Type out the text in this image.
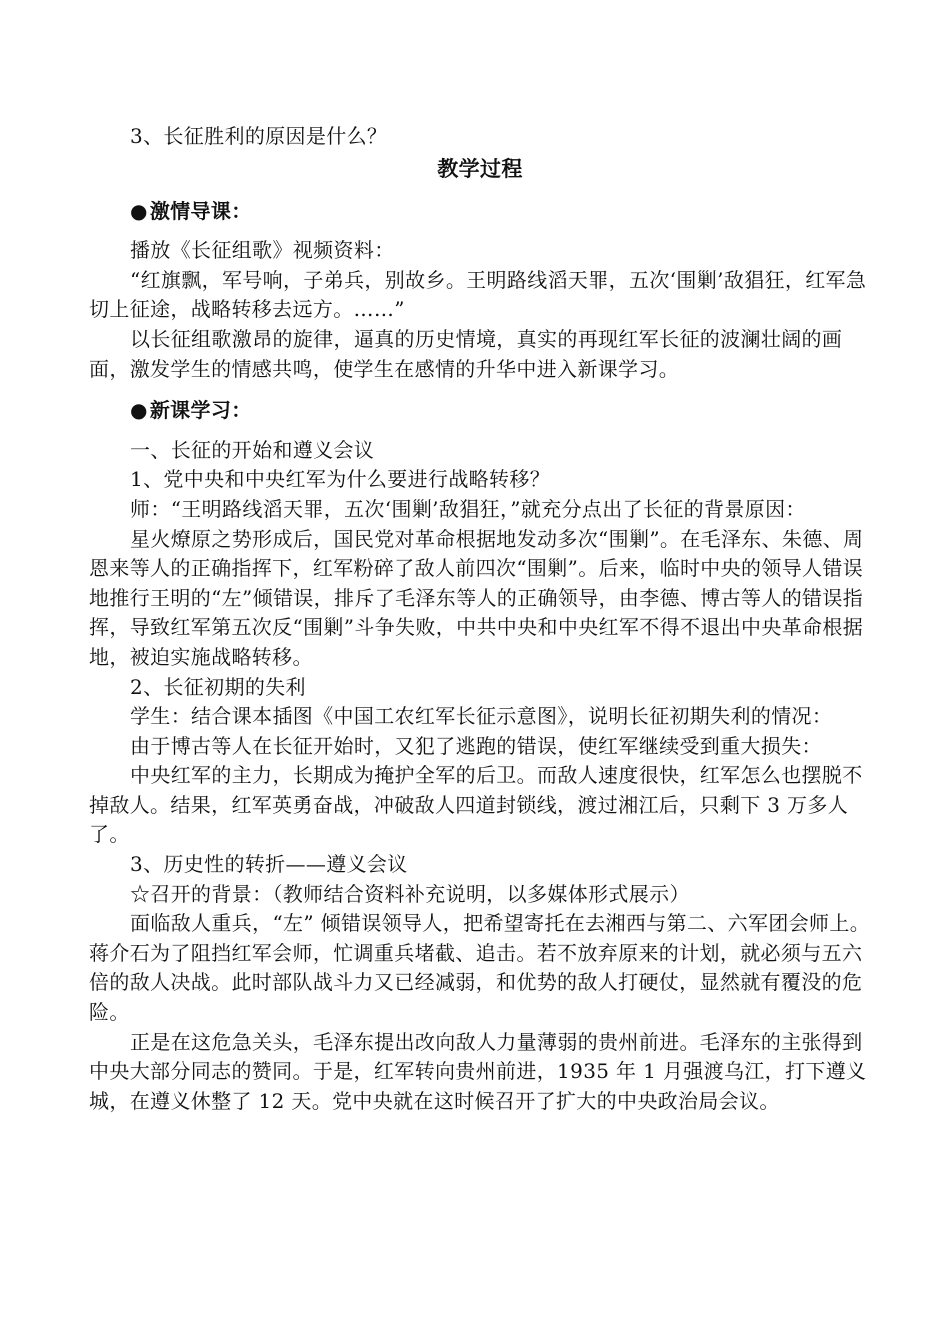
3、长征胜利的原因是什么？

教学过程

● 激情导课：

播放《长征组歌》视频资料：

“红旗飘，军号响，子弟兵，别故乡。王明路线滔天罪，五次‘围剿’敌猖狂，红军急切上征途，战略转移去远方。……”

以长征组歌激昂的旋律，逼真的历史情境，真实的再现红军长征的波澜壮阔的画面，激发学生的情感共鸣，使学生在感情的升华中进入新课学习。

● 新课学习：

一、长征的开始和遵义会议

1、党中央和中央红军为什么要进行战略转移？

师：“王明路线滔天罪，五次‘围剿’敌猖狂，”就充分点出了长征的背景原因：

星火燎原之势形成后，国民党对革命根据地发动多次“围剿”。在毛泽东、朱德、周恩来等人的正确指挥下，红军粉碎了敌人前四次“围剿”。后来，临时中央的领导人错误地推行王明的“左”倾错误，排斥了毛泽东等人的正确领导，由李德、博古等人的错误指挥，导致红军第五次反“围剿”斗争失败，中共中央和中央红军不得不退出中央革命根据地，被迫实施战略转移。

2、长征初期的失利

学生：结合课本插图《中国工农红军长征示意图》，说明长征初期失利的情况：

由于博古等人在长征开始时，又犯了逃跑的错误，使红军继续受到重大损失：

中央红军的主力，长期成为掩护全军的后卫。而敌人速度很快，红军怎么也摆脱不掉敌人。结果，红军英勇奋战，冲破敌人四道封锁线，渡过湘江后，只剩下 3 万多人了。

3、历史性的转折——遵义会议

☆召开的背景：（教师结合资料补充说明，以多媒体形式展示）

面临敌人重兵，“左” 倾错误领导人，把希望寄托在去湘西与第二、六军团会师上。蒋介石为了阻挡红军会师，忙调重兵堵截、追击。若不放弃原来的计划，就必须与五六倍的敌人决战。此时部队战斗力又已经减弱，和优势的敌人打硬仗，显然就有覆没的危险。

正是在这危急关头，毛泽东提出改向敌人力量薄弱的贵州前进。毛泽东的主张得到中央大部分同志的赞同。于是，红军转向贵州前进，1935 年 1 月强渡乌江，打下遵义城，在遵义休整了 12 天。党中央就在这时候召开了扩大的中央政治局会议。
